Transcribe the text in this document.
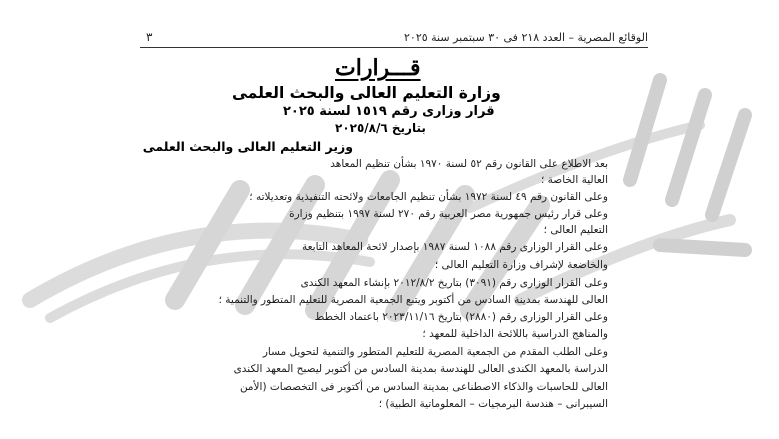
الوقائع المصرية – العدد ٢١٨ فى ٣٠ سبتمبر سنة ٢٠٢٥
٣
قـــرارات
وزارة التعليم العالى والبحث العلمى
قرار وزارى رقم ١٥١٩ لسنة ٢٠٢٥
بتاريخ ٢٠٢٥/٨/٦
وزير التعليم العالى والبحث العلمى
بعد الاطلاع على القانون رقم ٥٢ لسنة ١٩٧٠ بشأن تنظيم المعاهد
العالية الخاصة ؛
وعلى القانون رقم ٤٩ لسنة ١٩٧٢ بشأن تنظيم الجامعات ولائحته التنفيذية وتعديلاته ؛
وعلى قرار رئيس جمهورية مصر العربية رقم ٢٧٠ لسنة ١٩٩٧ بتنظيم وزارة
التعليم العالى ؛
وعلى القرار الوزارى رقم ١٠٨٨ لسنة ١٩٨٧ بإصدار لائحة المعاهد التابعة
والخاضعة لإشراف وزارة التعليم العالى ؛
وعلى القرار الوزارى رقم (٣٠٩١) بتاريخ ٢٠١٢/٨/٢ بإنشاء المعهد الكندى
العالى للهندسة بمدينة السادس من أكتوبر ويتبع الجمعية المصرية للتعليم المتطور والتنمية ؛
وعلى القرار الوزارى رقم (٢٨٨٠) بتاريخ ٢٠٢٣/١١/١٦ باعتماد الخطط
والمناهج الدراسية باللائحة الداخلية للمعهد ؛
وعلى الطلب المقدم من الجمعية المصرية للتعليم المتطور والتنمية لتحويل مسار
الدراسة بالمعهد الكندى العالى للهندسة بمدينة السادس من أكتوبر ليصبح المعهد الكندى
العالى للحاسبات والذكاء الاصطناعى بمدينة السادس من أكتوبر فى التخصصات (الأمن
السيبرانى – هندسة البرمجيات – المعلوماتية الطبية) ؛
